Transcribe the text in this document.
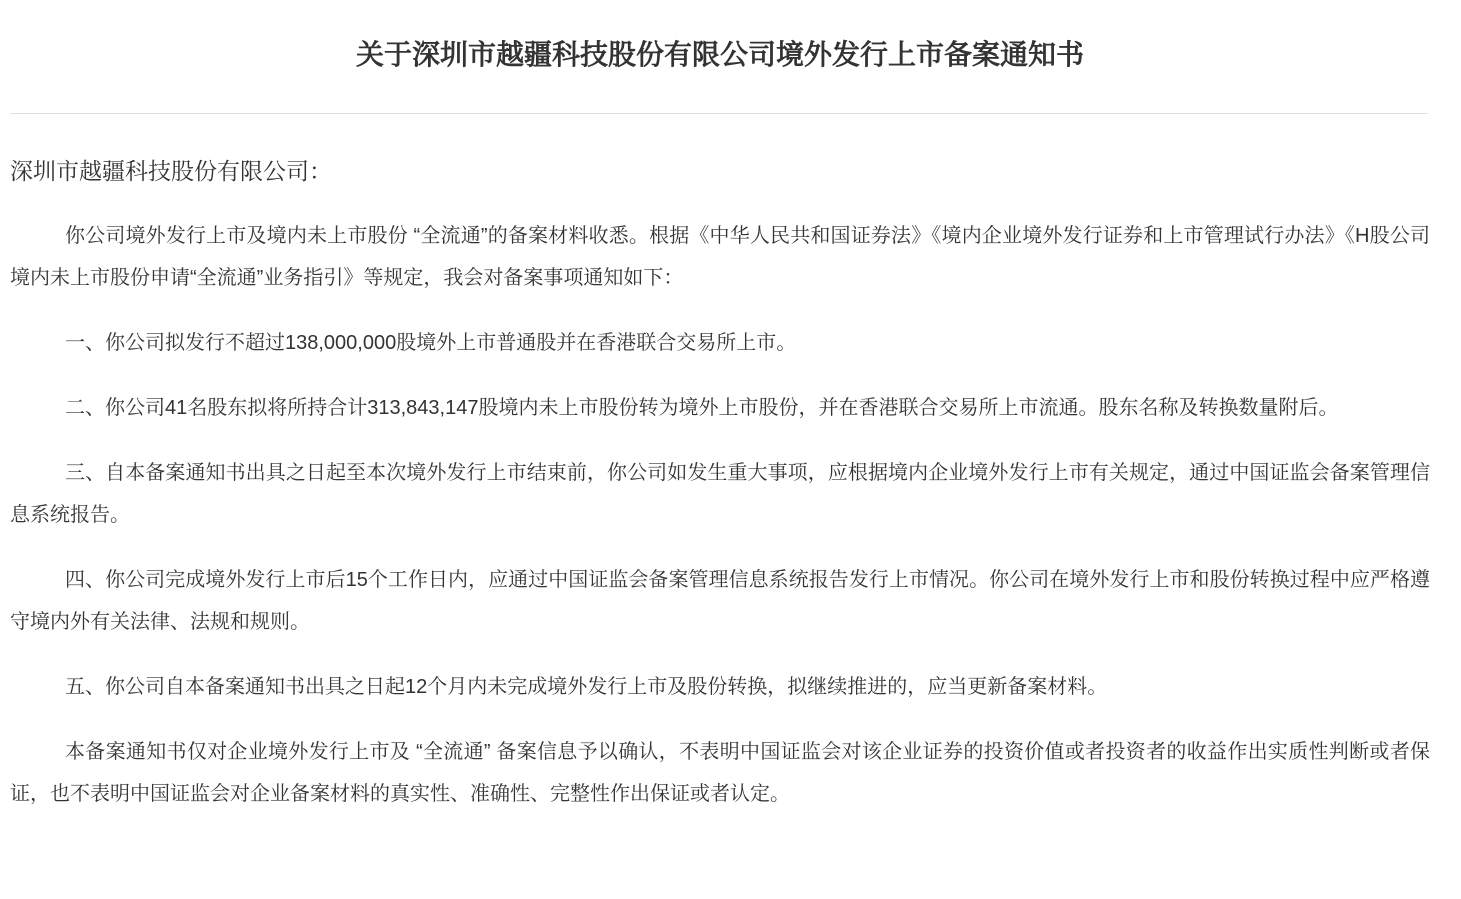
关于深圳市越疆科技股份有限公司境外发行上市备案通知书

深圳市越疆科技股份有限公司：

你公司境外发行上市及境内未上市股份 “全流通”的备案材料收悉。根据《中华人民共和国证券法》《境内企业境外发行证券和上市管理试行办法》《H股公司境内未上市股份申请“全流通”业务指引》等规定，我会对备案事项通知如下：

一、你公司拟发行不超过138,000,000股境外上市普通股并在香港联合交易所上市。

二、你公司41名股东拟将所持合计313,843,147股境内未上市股份转为境外上市股份，并在香港联合交易所上市流通。股东名称及转换数量附后。

三、自本备案通知书出具之日起至本次境外发行上市结束前，你公司如发生重大事项，应根据境内企业境外发行上市有关规定，通过中国证监会备案管理信息系统报告。

四、你公司完成境外发行上市后15个工作日内，应通过中国证监会备案管理信息系统报告发行上市情况。你公司在境外发行上市和股份转换过程中应严格遵守境内外有关法律、法规和规则。

五、你公司自本备案通知书出具之日起12个月内未完成境外发行上市及股份转换，拟继续推进的，应当更新备案材料。

本备案通知书仅对企业境外发行上市及 “全流通” 备案信息予以确认，不表明中国证监会对该企业证券的投资价值或者投资者的收益作出实质性判断或者保证，也不表明中国证监会对企业备案材料的真实性、准确性、完整性作出保证或者认定。
